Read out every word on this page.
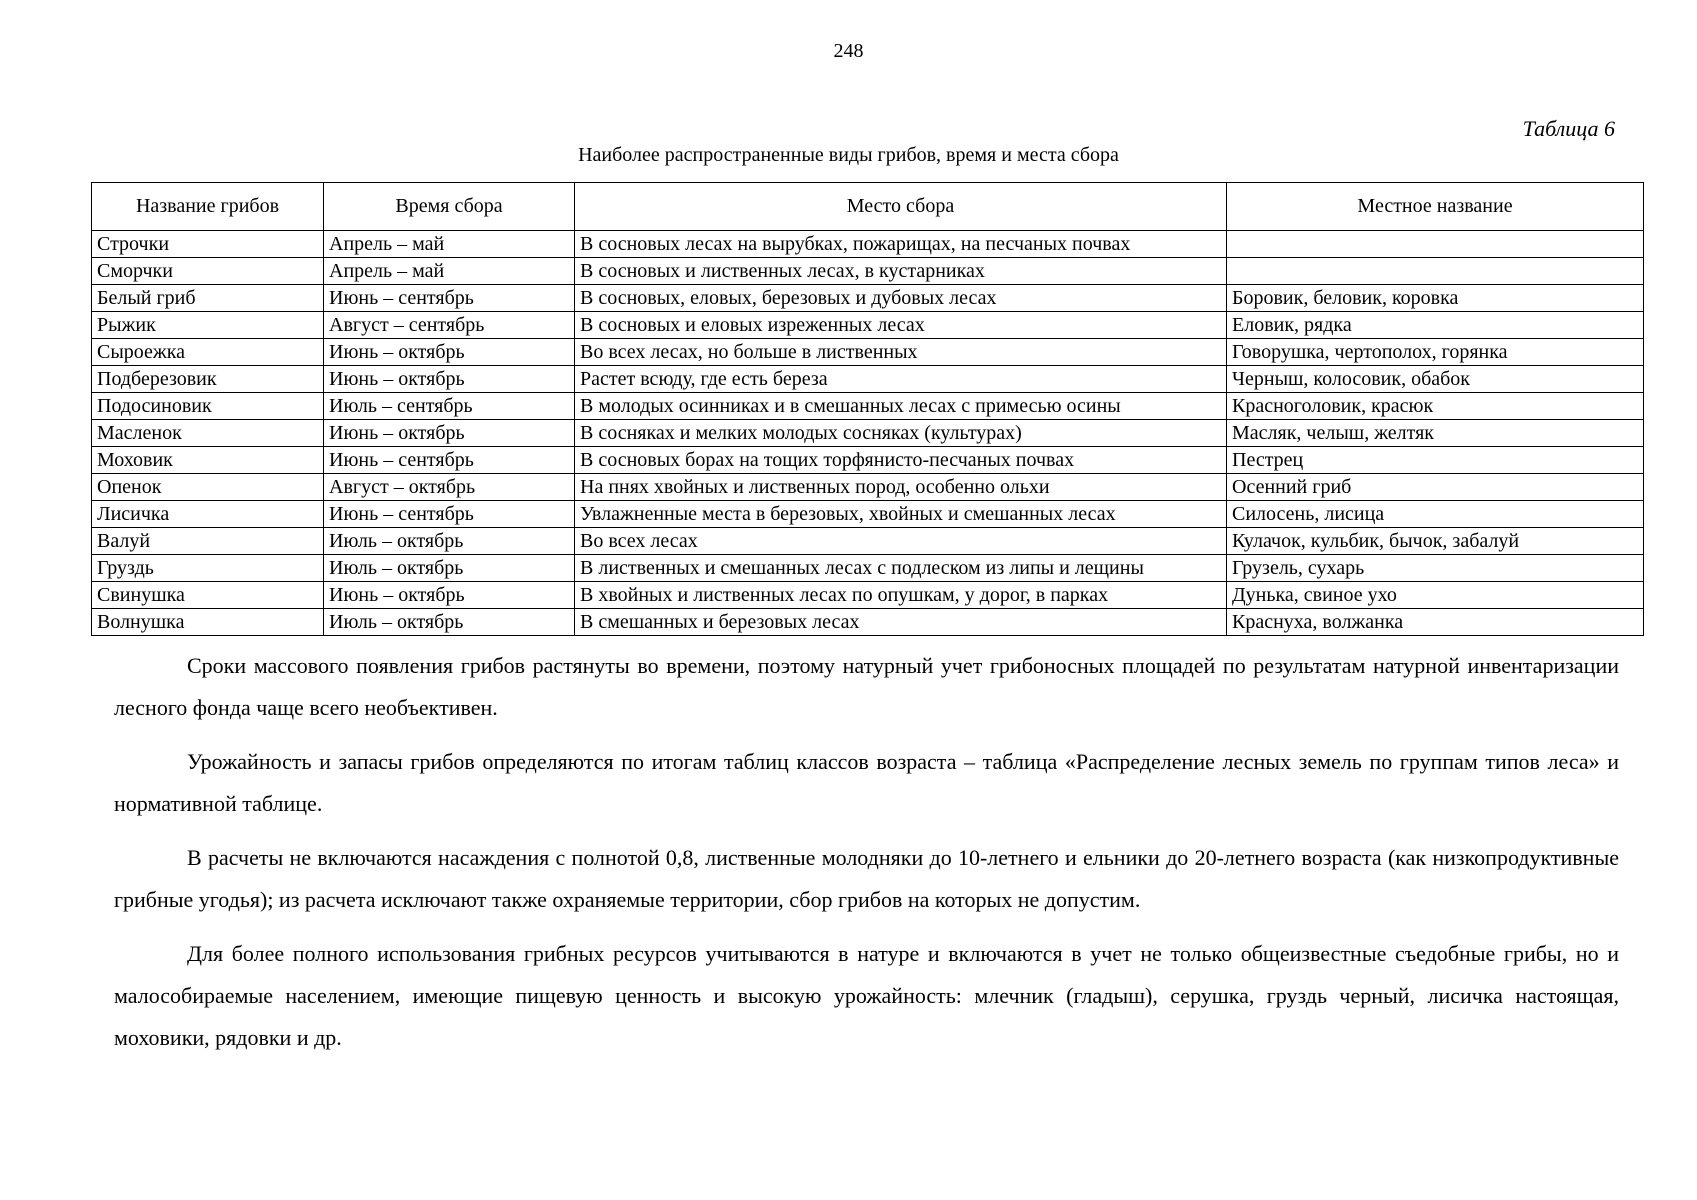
248
Таблица 6
Наиболее распространенные виды грибов, время и места сбора
Название грибов	Время сбора	Место сбора	Местное название
Строчки	Апрель – май	В сосновых лесах на вырубках, пожарищах, на песчаных почвах	
Сморчки	Апрель – май	В сосновых и лиственных лесах, в кустарниках	
Белый гриб	Июнь – сентябрь	В сосновых, еловых, березовых и дубовых лесах	Боровик, беловик, коровка
Рыжик	Август – сентябрь	В сосновых и еловых изреженных лесах	Еловик, рядка
Сыроежка	Июнь – октябрь	Во всех лесах, но больше в лиственных	Говорушка, чертополох, горянка
Подберезовик	Июнь – октябрь	Растет всюду, где есть береза	Черныш, колосовик, обабок
Подосиновик	Июль – сентябрь	В молодых осинниках и в смешанных лесах с примесью осины	Красноголовик, красюк
Масленок	Июнь – октябрь	В сосняках и мелких молодых сосняках (культурах)	Масляк, челыш, желтяк
Моховик	Июнь – сентябрь	В сосновых борах на тощих торфянисто-песчаных почвах	Пестрец
Опенок	Август – октябрь	На пнях хвойных и лиственных пород, особенно ольхи	Осенний гриб
Лисичка	Июнь – сентябрь	Увлажненные места в березовых, хвойных и смешанных лесах	Силосень, лисица
Валуй	Июль – октябрь	Во всех лесах	Кулачок, кульбик, бычок, забалуй
Груздь	Июль – октябрь	В лиственных и смешанных лесах с подлеском из липы и лещины	Грузель, сухарь
Свинушка	Июнь – октябрь	В хвойных и лиственных лесах по опушкам, у дорог, в парках	Дунька, свиное ухо
Волнушка	Июль – октябрь	В смешанных и березовых лесах	Краснуха, волжанка

Сроки массового появления грибов растянуты во времени, поэтому натурный учет грибоносных площадей по результатам натурной инвентаризации лесного фонда чаще всего необъективен.

Урожайность и запасы грибов определяются по итогам таблиц классов возраста – таблица «Распределение лесных земель по группам типов леса» и нормативной таблице.

В расчеты не включаются насаждения с полнотой 0,8, лиственные молодняки до 10-летнего и ельники до 20-летнего возраста (как низкопродуктивные грибные угодья); из расчета исключают также охраняемые территории, сбор грибов на которых не допустим.

Для более полного использования грибных ресурсов учитываются в натуре и включаются в учет не только общеизвестные съедобные грибы, но и малособираемые населением, имеющие пищевую ценность и высокую урожайность: млечник (гладыш), серушка, груздь черный, лисичка настоящая, моховики, рядовки и др.
